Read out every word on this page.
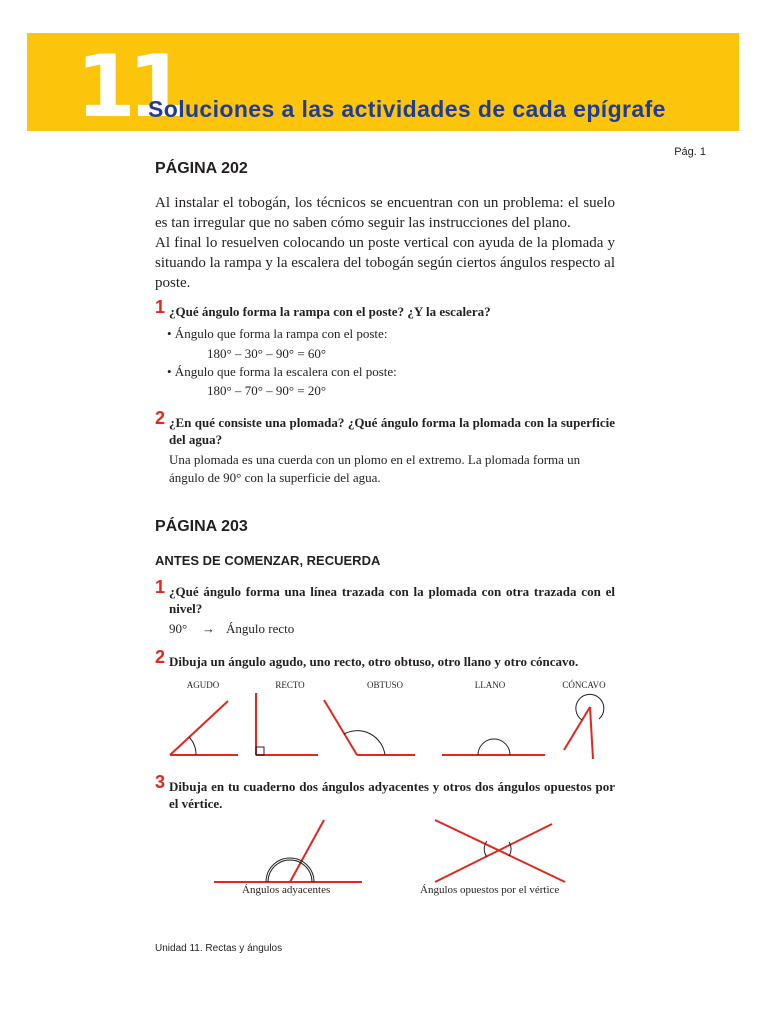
11
Soluciones a las actividades de cada epígrafe
Pág. 1
PÁGINA 202

Al instalar el tobogán, los técnicos se encuentran con un problema: el suelo es tan irregular que no saben cómo seguir las instrucciones del plano.

Al final lo resuelven colocando un poste vertical con ayuda de la plomada y situando la rampa y la escalera del tobogán según ciertos ángulos respecto al poste.

1 ¿Qué ángulo forma la rampa con el poste? ¿Y la escalera?
• Ángulo que forma la rampa con el poste:
180° – 30° – 90° = 60°
• Ángulo que forma la escalera con el poste:
180° – 70° – 90° = 20°
2 ¿En qué consiste una plomada? ¿Qué ángulo forma la plomada con la superficie del agua?

Una plomada es una cuerda con un plomo en el extremo. La plomada forma un ángulo de 90° con la superficie del agua.

PÁGINA 203
ANTES DE COMENZAR, RECUERDA
1 ¿Qué ángulo forma una línea trazada con la plomada con otra trazada con el nivel?
90° → Ángulo recto
2 Dibuja un ángulo agudo, uno recto, otro obtuso, otro llano y otro cóncavo.
AGUDO	RECTO	OBTUSO	LLANO	CÓNCAVO
3 Dibuja en tu cuaderno dos ángulos adyacentes y otros dos ángulos opuestos por el vértice.
Ángulos adyacentes	Ángulos opuestos por el vértice
Unidad 11. Rectas y ángulos
